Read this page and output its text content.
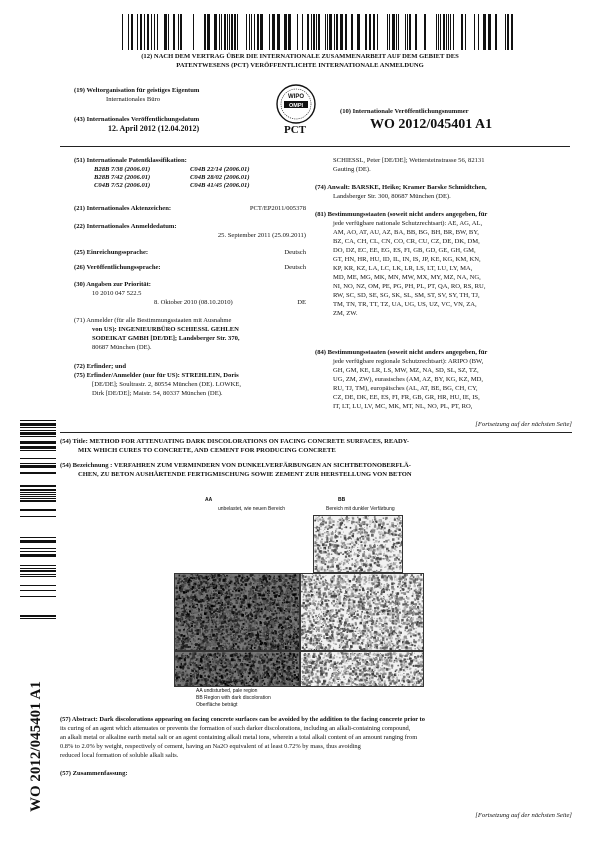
(12) NACH DEM VERTRAG ÜBER DIE INTERNATIONALE ZUSAMMENARBEIT AUF DEM GEBIET DES
PATENTWESENS (PCT) VERÖFFENTLICHTE INTERNATIONALE ANMELDUNG
(19) Weltorganisation für geistiges Eigentum
Internationales Büro
(43) Internationales Veröffentlichungsdatum
12. April 2012 (12.04.2012)
WIPO
OMPI
PCT
(10) Internationale Veröffentlichungsnummer
WO 2012/045401 A1
(51) Internationale Patentklassifikation:
B28B 7/38 (2006.01)	C04B 22/14 (2006.01)
B28B 7/42 (2006.01)	C04B 28/02 (2006.01)
C04B 7/52 (2006.01)	C04B 41/45 (2006.01)
(21) Internationales Aktenzeichen:	PCT/EP2011/005378
(22) Internationales Anmeldedatum:
25. September 2011 (25.09.2011)
(25) Einreichungssprache:	Deutsch
(26) Veröffentlichungssprache:	Deutsch
(30) Angaben zur Priorität:
10 2010 047 522.5
8. Oktober 2010 (08.10.2010)	DE
(71) Anmelder (für alle Bestimmungsstaaten mit Ausnahme
von US): INGENIEURBÜRO SCHIESSL GEHLEN
SODEIKAT GMBH [DE/DE]; Landsberger Str. 370,
80687 München (DE).
(72) Erfinder; und
(75) Erfinder/Anmelder (nur für US): STREHLEIN, Doris
[DE/DE]; Soultrastr. 2, 80554 München (DE). LOWKE,
Dirk [DE/DE]; Maistr. 54, 80337 München (DE).
SCHIESSL, Peter [DE/DE]; Wettersteinstrasse 56, 82131
Gauting (DE).
(74) Anwalt: BARSKE, Heiko; Kramer Barske Schmidtchen,
Landsberger Str. 300, 80687 München (DE).
(81) Bestimmungsstaaten (soweit nicht anders angegeben, für
jede verfügbare nationale Schutzrechtsart): AE, AG, AL,
AM, AO, AT, AU, AZ, BA, BB, BG, BH, BR, BW, BY,
BZ, CA, CH, CL, CN, CO, CR, CU, CZ, DE, DK, DM,
DO, DZ, EC, EE, EG, ES, FI, GB, GD, GE, GH, GM,
GT, HN, HR, HU, ID, IL, IN, IS, JP, KE, KG, KM, KN,
KP, KR, KZ, LA, LC, LK, LR, LS, LT, LU, LY, MA,
MD, ME, MG, MK, MN, MW, MX, MY, MZ, NA, NG,
NI, NO, NZ, OM, PE, PG, PH, PL, PT, QA, RO, RS, RU,
RW, SC, SD, SE, SG, SK, SL, SM, ST, SV, SY, TH, TJ,
TM, TN, TR, TT, TZ, UA, UG, US, UZ, VC, VN, ZA,
ZM, ZW.
(84) Bestimmungsstaaten (soweit nicht anders angegeben, für
jede verfügbare regionale Schutzrechtsart): ARIPO (BW,
GH, GM, KE, LR, LS, MW, MZ, NA, SD, SL, SZ, TZ,
UG, ZM, ZW), eurasisches (AM, AZ, BY, KG, KZ, MD,
RU, TJ, TM), europäisches (AL, AT, BE, BG, CH, CY,
CZ, DE, DK, EE, ES, FI, FR, GB, GR, HR, HU, IE, IS,
IT, LT, LU, LV, MC, MK, MT, NL, NO, PL, PT, RO,
[Fortsetzung auf der nächsten Seite]
(54) Title: METHOD FOR ATTENUATING DARK DISCOLORATIONS ON FACING CONCRETE SURFACES, READY-
MIX WHICH CURES TO CONCRETE, AND CEMENT FOR PRODUCING CONCRETE
(54) Bezeichnung : VERFAHREN ZUM VERMINDERN VON DUNKELVERFÄRBUNGEN AN SICHTBETONOBERFLÄ-
CHEN, ZU BETON AUSHÄRTENDE FERTIGMISCHUNG SOWIE ZEMENT ZUR HERSTELLUNG VON BETON
AA
unbelastet, wie neuen Bereich
BB
Bereich mit dunkler Verfärbung
AA undisturbed, pale region
BB Region with dark discoloration
Oberfläche beträgt
(57) Abstract: Dark discolorations appearing on facing concrete surfaces can be avoided by the addition to the facing concrete prior to
its curing of an agent which attenuates or prevents the formation of such darker discolorations, including an alkali-containing compound,
an alkali metal or alkaline earth metal salt or an agent containing alkali metal ions, wherein a total alkali content of an amount ranging from
0.8% to 2.0% by weight, respectively of cement, having an Na2O equivalent of at least 0.72% by mass, thus avoiding
reduced local formation of soluble alkali salts.
(57) Zusammenfassung:
[Fortsetzung auf der nächsten Seite]
WO 2012/045401 A1
